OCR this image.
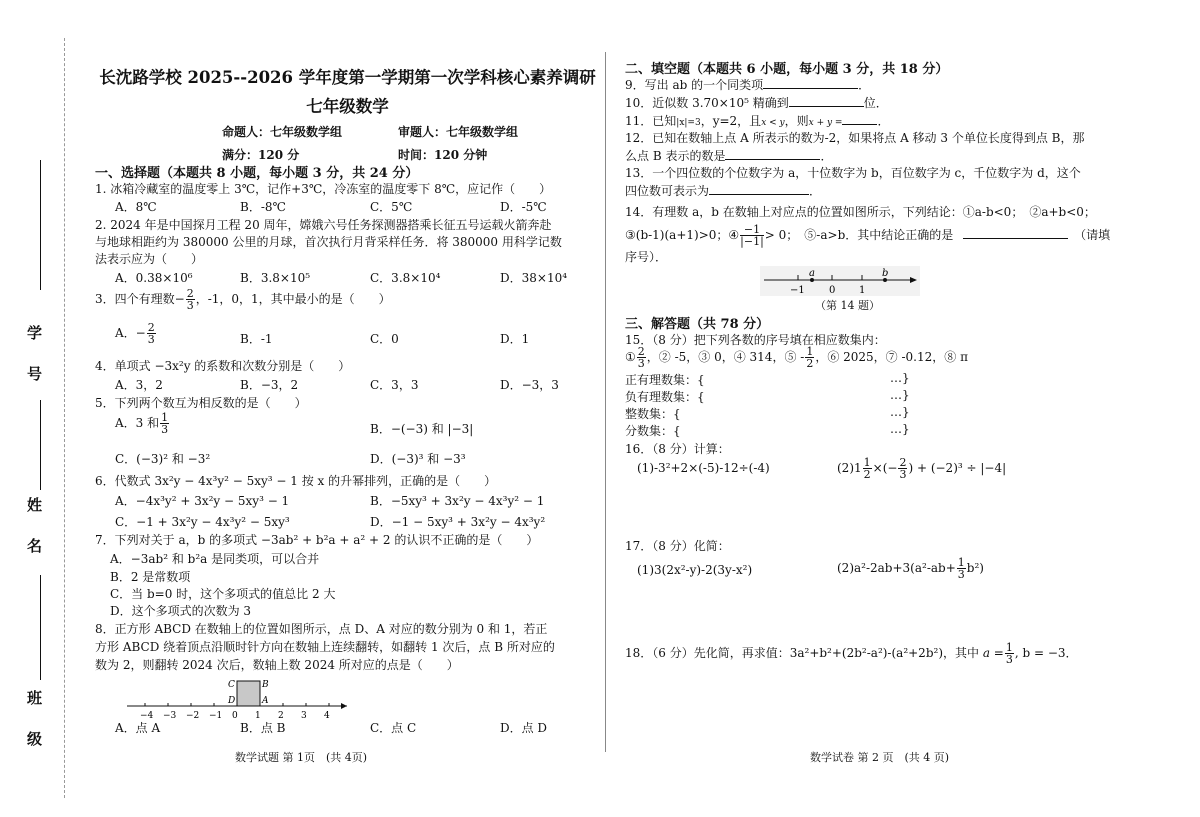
学号
姓名
班级
长沈路学校 2025--2026 学年度第一学期第一次学科核心素养调研
七年级数学
命题人：七年级数学组	审题人：七年级数学组
满分：120 分	时间：120 分钟
一、选择题（本题共 8 小题，每小题 3 分，共 24 分）
1. 冰箱冷藏室的温度零上 3℃，记作+3℃，冷冻室的温度零下 8℃，应记作（　　）
A．8℃	B．-8℃	C．5℃	D．-5℃
2. 2024 年是中国探月工程 20 周年，嫦娥六号任务探测器搭乘长征五号运载火箭奔赴
与地球相距约为 380000 公里的月球，首次执行月背采样任务．将 380000 用科学记数
法表示应为（　　）
A．0.38×10⁶	B．3.8×10⁵	C．3.8×10⁴	D．38×10⁴
3．四个有理数− $\frac{2}{3}$ ，-1，0，1，其中最小的是（　　）
A．− $\frac{2}{3}$	B．-1	C．0	D．1
4．单项式 −3x²y 的系数和次数分别是（　　）
A．3，2	B．−3，2	C．3，3	D．−3，3
5．下列两个数互为相反数的是（　　）
A．3 和 $\frac{1}{3}$	B．−(−3) 和 |−3|
C．(−3)² 和 −3²	D．(−3)³ 和 −3³
6．代数式 3x²y − 4x³y² − 5xy³ − 1 按 x 的升幂排列，正确的是（　　）
A．−4x³y² + 3x²y − 5xy³ − 1	B．−5xy³ + 3x²y − 4x³y² − 1
C．−1 + 3x²y − 4x³y² − 5xy³	D．−1 − 5xy³ + 3x²y − 4x³y²
7．下列对关于 a，b 的多项式 −3ab² + b²a + a² + 2 的认识不正确的是（　　）
A．−3ab² 和 b²a 是同类项，可以合并
B．2 是常数项
C．当 b=0 时，这个多项式的值总比 2 大
D．这个多项式的次数为 3
8．正方形 ABCD 在数轴上的位置如图所示，点 D、A 对应的数分别为 0 和 1，若正
方形 ABCD 绕着顶点沿顺时针方向在数轴上连续翻转，如翻转 1 次后，点 B 所对应的
数为 2，则翻转 2024 次后，数轴上数 2024 所对应的点是（　　）
−4 −3 −2 −1 0 1 2 3 4
C
D
B
A
A．点 A	B．点 B	C．点 C	D．点 D
二、填空题（本题共 6 小题，每小题 3 分，共 18 分）
9．写出 ab 的一个同类项	．
10．近似数 3.70×10⁵ 精确到	位．
11．已知|x|=3，y=2，且x < y，则x + y =	．
12．已知在数轴上点 A 所表示的数为-2，如果将点 A 移动 3 个单位长度得到点 B，那
么点 B 表示的数是	．
13．一个四位数的个位数字为 a，十位数字为 b，百位数字为 c，千位数字为 d，这个
四位数可表示为	．
14．有理数 a，b 在数轴上对应点的位置如图所示，下列结论：①a-b<0；　②a+b<0；
③(b-1)(a+1)>0；④ $\frac{-1}{|-1|} > 0$；　⑤-a>b．其中结论正确的是	（请填
序号）．
a	b
−1 0 1
（第 14 题）
三、解答题（共 78 分）
15．（8 分）把下列各数的序号填在相应数集内：
① $\frac{2}{3}$ ，② -5，③ 0，④ 314，⑤ - $\frac{1}{2}$ ，⑥ 2025，⑦ -0.12，⑧ π
正有理数集：{	…}
负有理数集：{	…}
整数集：{	…}
分数集：{	…}
16．（8 分）计算：
(1)-3²+2×(-5)-12÷(-4)	$(2)1 \frac{1}{2}$ ×(− $\frac{2}{3}$ ) + (−2)³ ÷ |−4|
17．（8 分）化简：
(1)3(2x²-y)-2(3y-x²)	$(2)a^2-2ab+3(a^2-ab+ \frac{1}{3} b^2)$
18．（6 分）先化简，再求值：3a²+b²+(2b²-a²)-(a²+2b²)，其中 $a = \frac{1}{3}$ , b = −3．
数学试题 第 1页　(共 4页)	数学试卷 第 2 页　(共 4 页)
